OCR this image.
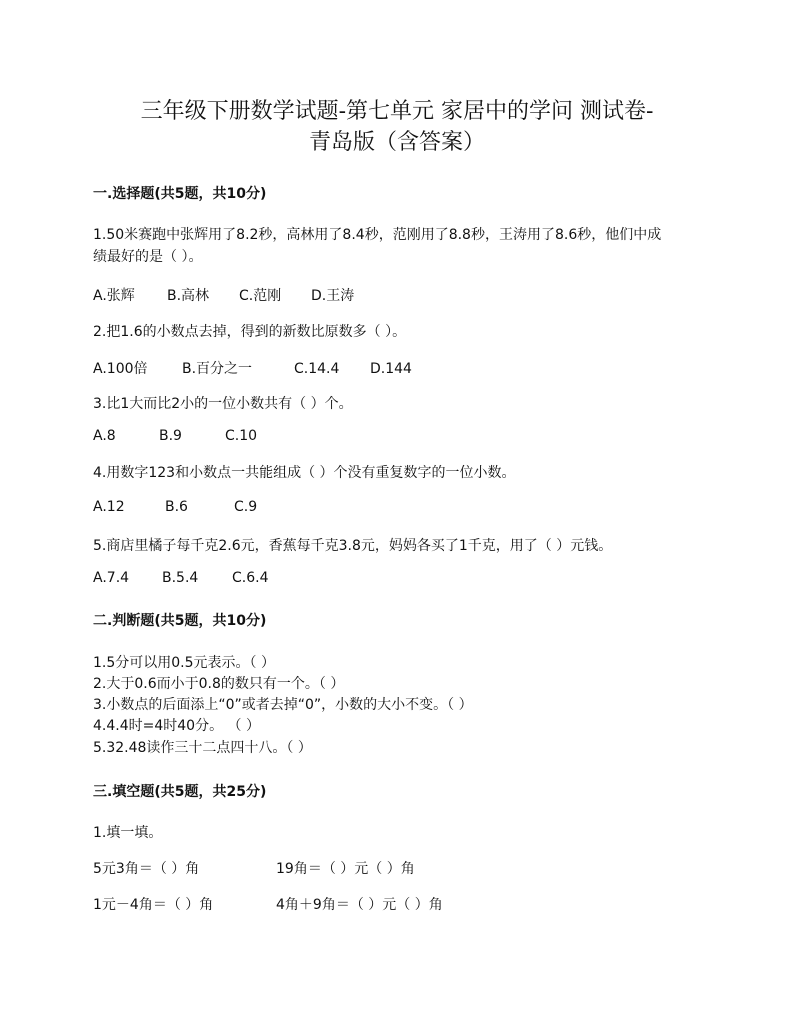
三年级下册数学试题-第七单元 家居中的学问 测试卷-
青岛版（含答案）
一.选择题(共5题，共10分)
1.50米赛跑中张辉用了8.2秒，高林用了8.4秒，范刚用了8.8秒，王涛用了8.6秒，他们中成
绩最好的是（ ）。
A.张辉 B.高林 C.范刚 D.王涛
2.把1.6的小数点去掉，得到的新数比原数多（ ）。
A.100倍 B.百分之一	C.14.4 D.144
3.比1大而比2小的一位小数共有（ ）个。
A.8	B.9	C.10
4.用数字123和小数点一共能组成（ ）个没有重复数字的一位小数。
A.12	B.6	C.9
5.商店里橘子每千克2.6元，香蕉每千克3.8元，妈妈各买了1千克，用了（ ）元钱。
A.7.4 B.5.4 C.6.4
二.判断题(共5题，共10分)
1.5分可以用0.5元表示。（ ）
2.大于0.6而小于0.8的数只有一个。（ ）
3.小数点的后面添上“0”或者去掉“0”，小数的大小不变。（ ）
4.4.4时=4时40分。 （ ）
5.32.48读作三十二点四十八。（ ）
三.填空题(共5题，共25分)
1.填一填。
5元3角＝（ ）角	19角＝（ ）元（ ）角
1元－4角＝（ ）角	4角＋9角＝（ ）元（ ）角
